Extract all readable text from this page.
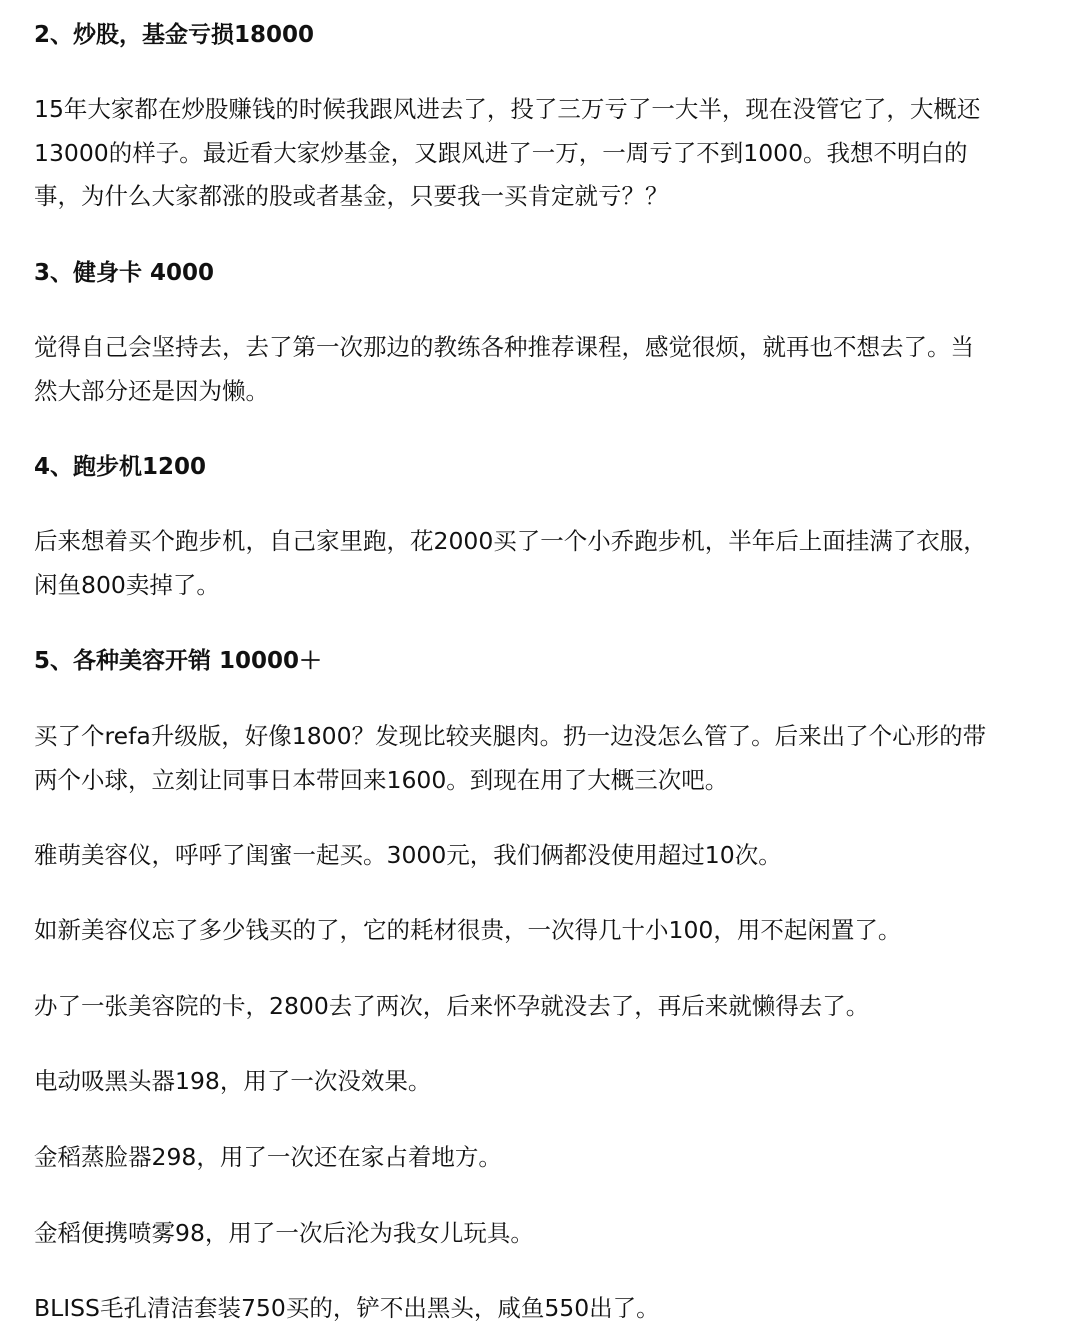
2、炒股，基金亏损18000

15年大家都在炒股赚钱的时候我跟风进去了，投了三万亏了一大半，现在没管它了，大概还
13000的样子。最近看大家炒基金，又跟风进了一万，一周亏了不到1000。我想不明白的
事，为什么大家都涨的股或者基金，只要我一买肯定就亏？？

3、健身卡 4000

觉得自己会坚持去，去了第一次那边的教练各种推荐课程，感觉很烦，就再也不想去了。当
然大部分还是因为懒。

4、跑步机1200

后来想着买个跑步机，自己家里跑，花2000买了一个小乔跑步机，半年后上面挂满了衣服，
闲鱼800卖掉了。

5、各种美容开销 10000＋

买了个refa升级版，好像1800？发现比较夹腿肉。扔一边没怎么管了。后来出了个心形的带
两个小球，立刻让同事日本带回来1600。到现在用了大概三次吧。

雅萌美容仪，呼呼了闺蜜一起买。3000元，我们俩都没使用超过10次。

如新美容仪忘了多少钱买的了，它的耗材很贵，一次得几十小100，用不起闲置了。

办了一张美容院的卡，2800去了两次，后来怀孕就没去了，再后来就懒得去了。

电动吸黑头器198，用了一次没效果。

金稻蒸脸器298，用了一次还在家占着地方。

金稻便携喷雾98，用了一次后沦为我女儿玩具。

BLISS毛孔清洁套装750买的，铲不出黑头，咸鱼550出了。
